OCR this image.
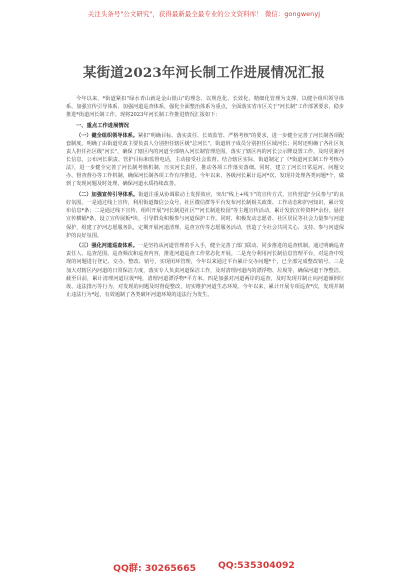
关注头条号"公文研究"，获得最新最全最专业的公文资料库！ 微信：gongwenyj
某街道2023年河长制工作进展情况汇报

今年以来，*街道紧扣"绿水青山就是金山银山"的理念，以规范化、长效化、精细化管理为支撑，以健全组织领导体系、加强宣传引导体系、加强河道巡查体系，强化全面整治体系为重点，全面落实省市区关于"河长制"工作部署要求，稳步推进*街道河长制工作。现将2023年河长制工作推进情况汇报如下：

一、重点工作进展情况

（一）健全组织领导体系。紧扣"明确目标、落实责任、长效监管、严格考核"的要求，进一步健全完善了河长制各项配套制度。明确了由街道党政主要负责人分别担任辖区级"总河长"，街道班子成员分别担任区域河长；同时还明确了各社区负责人担任社区级"河长"，确保了辖区内的河道全部纳入河长制管理范围。落实了辖区内的河长公示牌设置工作，及时更新河长信息，公布河长职责、管护目标和监督电话，主动接受社会监督。结合辖区实际，街道制定了《*街道河长制工作考核办法》，进一步健全完善了河长制考核机制，压实河长责任，推动各项工作落实落细。同时，建立了河长日常巡河、问题交办、督查督办等工作机制，确保河长制各项工作有序推进。今年以来，各级河长累计巡河*次，发现并处理各类问题*个，做到了发现问题及时处理，确保河道水质持续改善。

（二）加强宣传引导体系。街道注重从协调联动上发挥效应，突出"线上+线下"的宣传方式，宣传营造"全民参与"的良好氛围。一是通过线上宣传，利用街道微信公众号、社区微信群等平台发布河长制相关政策、工作动态和护河知识，累计发布信息*条；二是通过线下宣传，组织开展"河长制进社区""河长制进校园"等主题宣传活动，累计发放宣传资料*余份，悬挂宣传横幅*条，设立宣传展板*块，引导群众积极参与河道保护工作。同时，积极发动志愿者、社区居民等社会力量参与河道保护，组建了护河志愿服务队，定期开展河道清理、巡查宣传等志愿服务活动，营造了全社会共同关心、支持、参与河道保护的良好氛围。

（三）强化河道巡查体系。一是坚持从河道管理着手入手，健全完善了部门联动、同步推进的巡查机制。通过明确巡查责任人、巡查范围、巡查频次和巡查内容，推进河道巡查工作常态化开展。二是充分利用河长制信息管理平台，对巡查中发现的问题进行登记、交办、整改、销号，实现闭环管理，今年以来通过平台累计交办问题*个，已全部完成整改销号。三是加大对辖区内河道的日常保洁力度，落实专人负责河道保洁工作，及时清理河道内的漂浮物、垃圾等，确保河道干净整洁。截至目前，累计清理河道垃圾*吨，清理河道漂浮物*平方米。四是加强对河道两岸的巡查，及时发现并制止向河道倾倒垃圾、违法排污等行为，对发现的问题及时督促整改，切实维护河道生态环境。今年以来，累计开展专项巡查*次，发现并制止违法行为*起，有效遏制了各类破坏河道环境的违法行为发生。

QQ群: 30265665 QQ:535304092
